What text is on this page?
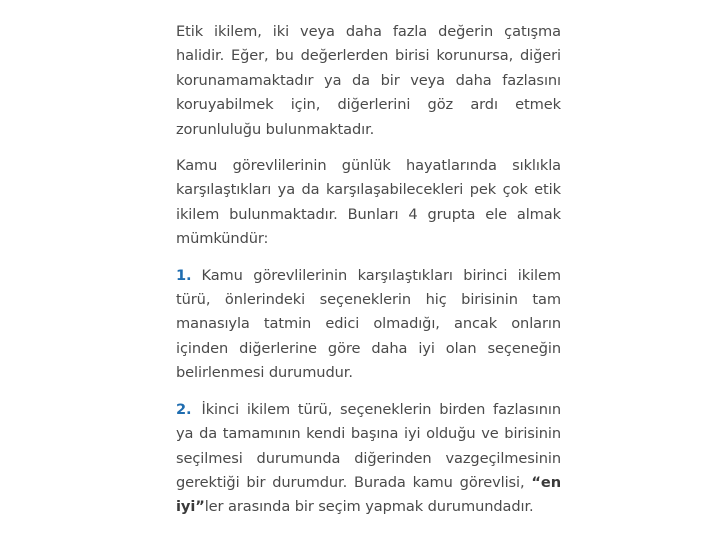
Etik ikilem, iki veya daha fazla değerin çatışma halidir. Eğer, bu değerlerden birisi korunursa, diğeri korunamamaktadır ya da bir veya daha fazlasını koruyabilmek için, diğerlerini göz ardı etmek zorunluluğu bulunmaktadır.

Kamu görevlilerinin günlük hayatlarında sıklıkla karşılaştıkları ya da karşılaşabilecekleri pek çok etik ikilem bulunmaktadır. Bunları 4 grupta ele almak mümkündür:

1. Kamu görevlilerinin karşılaştıkları birinci ikilem türü, önlerindeki seçeneklerin hiç birisinin tam manasıyla tatmin edici olmadığı, ancak onların içinden diğerlerine göre daha iyi olan seçeneğin belirlenmesi durumudur.

2. İkinci ikilem türü, seçeneklerin birden fazlasının ya da tamamının kendi başına iyi olduğu ve birisinin seçilmesi durumunda diğerinden vazgeçilmesinin gerektiği bir durumdur. Burada kamu görevlisi, “en iyi”ler arasında bir seçim yapmak durumundadır.
